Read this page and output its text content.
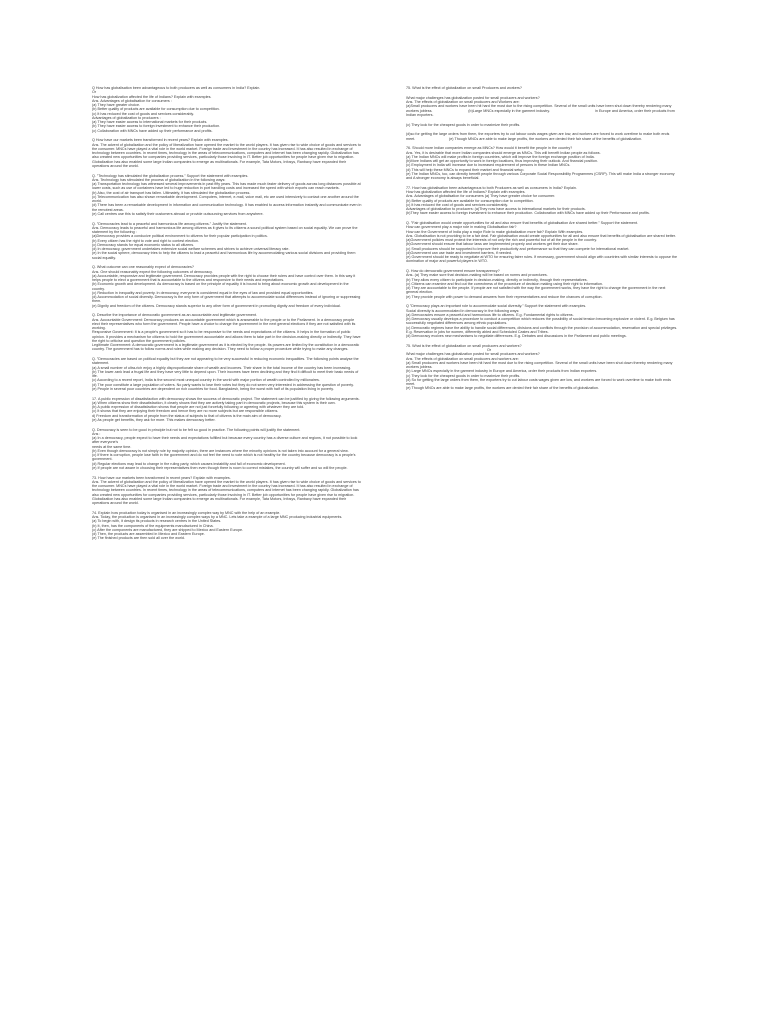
Q How has globalisation been advantageous to both producers as well as consumers in India? Explain.
Or
How has globalization affected the life of Indians? Explain with examples.
Ans. Advantages of globalisation for consumers :
(a) They have greater choice.
(b) Better quality of products are available for consumption due to competition.
(c) It has reduced the cost of goods and services considerably.
Advantages of globalization to producers :
(a) They have easier access to international markets for their products.
(b) They have easier access to foreign investment to enhance their production.
(c) Collaboration with MNCs have added up their performance and profits.
Q How have our markets been transformed in recent years? Explain with examples.
Ans. The advent of globalization and the policy of liberalization have opened the market to the world players. It has given rise to wide choice of goods and services to the consumer. MNCs have played a vital role in the world market. Foreign trade and investment in the country has increased. It has also resulted in exchange of technology between countries. In recent times, technology in the areas of telecommunications, computers and internet has been changing rapidly. Globalization has also created new opportunities for companies providing services, particularly those involving in IT. Better job opportunities for people have given rise to migration. Globalization has also enabled some large Indian companies to emerge as multinationals. For example, Tata Motors, Infosys, Ranbaxy have expanded their operations around the world.
Q. "Technology has stimulated the globalization process." Support the statement with examples.
Ans. Technology has stimulated the process of globalization in the following ways:
(a) Transportation technology has witnessed several improvements in past fifty years. This has made much faster delivery of goods across long distances possible at lower costs, such as use of containers have led to huge reduction in port handling costs and increased the speed with which exports can reach markets.
(b) Also, the cost of air transport has fallen. Ultimately, it has stimulated the globalization process.
(c) Telecommunication has also shown remarkable development. Computers, internet, e-mail, voice mail, etc are used intensively to contact one another around the world.
(d) There has been a remarkable development in information and communication technology. It has enabled to access information instantly and communicate even in the remotest areas.
(e) Call centres use this to satisfy their customers abroad or provide outsourcing services from anywhere.
Q. "Democracies lead to a peaceful and harmonious life among citizens." Justify the statement.
Ans. Democracy leads to peaceful and harmonious life among citizens as it gives to its citizens a sound political system based on social equality. We can prove the statement by the following :
(a)Democracy provides a conducive political environment to citizens for their popular participation in politics.
(b) Every citizen has the right to vote and right to contest election.
(c) Democracy stands for equal economic status to all citizens.
(d) In democracy, government undertakes extensive social welfare schemes and strives to achieve universal literacy rate.
(e) In the social sphere, democracy tries to help the citizens to lead a peaceful and harmonious life by accommodating various social divisions and providing them social equality.
Q. What outcome can one reasonably expect of democracies?
Ans. One should reasonably expect the following outcomes of democracy.
(a) Accountable, responsive and legitimate government. Democracy provides people with the right to choose their rulers and have control over them. In this way it helps people to elect a government that is accountable to the citizens and responsive to their needs and expectations.
(b) Economic growth and development. As democracy is based on the principle of equality it is bound to bring about economic growth and development in the country.
(c) Reduction in inequality and poverty. In democracy, everyone is considered equal in the eyes of law and provided equal opportunities.
(d) Accommodation of social diversity. Democracy is the only form of government that attempts to accommodate social differences instead of ignoring or suppressing them.
(e) Dignity and freedom of the citizens. Democracy stands superior to any other form of government in promoting dignity and freedom of every individual.
Q. Describe the importance of democratic government as an accountable and legitimate government.
Ans. Accountable Government: Democracy produces an accountable government which is answerable to the people or to the Parliament. In a democracy people elect their representatives who form the government. People have a choice to change the government in the next general elections if they are not satisfied with its working.
Responsive Government: It is a people's government so it has to be responsive to the needs and expectations of the citizens. It helps in the formation of public opinion. It provides a mechanism for citizens to hold the government accountable and allows them to take part in the decision-making directly or indirectly. They have the right to criticise and question the government policies.
Legitimate Government: A democratic government is a legitimate government as it is elected by the people. Its powers are limited by the constitution in a democratic country. The government has to follow norms and rules while making any decision. They need to follow a proper procedure while trying to make any changes.
Q. "Democracies are based on political equality but they are not appearing to be very successful in reducing economic inequalities. The following points analyse the statement.
(a) A small number of ultra-rich enjoy a highly disproportionate share of wealth and incomes. Their share in the total income of the country has been increasing.
(b) The lower-rank lead a frugal life and they have very little to depend upon. Their incomes have been declining and they find it difficult to meet their basic needs of life.
(c) According to a recent report, India is the second most unequal country in the world with major portion of wealth controlled by millionaires.
(d) The poor constitute a large population of voters. No party wants to lose their votes but they do not seem very interested in addressing the question of poverty.
(e) People in several poor countries are dependent on rich countries for food. Bangladesh, being the worst with half of its population living in poverty.
17. A public expression of dissatisfaction with democracy shows the success of democratic project. The statement can be justified by giving the following arguments.
(a) When citizens show their dissatisfaction, it clearly shows that they are actively taking part in democratic projects, because this system is their own.
(b) A public expression of dissatisfaction shows that people are not just forcefully following or agreeing with whatever they are told.
(c) It shows that they are enjoying their freedom and hence they are no more subjects but are responsible citizens.
d) Freedom and transformation of people from the status of subjects to that of citizens is the main aim of democracy.
(e) As people get benefits, they ask for more. This makes democracy better.
Q. Democracy is seen to be good in principle but not to be felt so good in practice. The following points will justify the statement.
Ans :
(a) In a democracy, people expect to have their needs and expectations fulfilled but because every country has a diverse culture and regions, it not possible to look after everyone's
needs at the same time.
(b) Even though democracy is not simply rule by majority opinion, there are instances where the minority opinions is not taken into account for a general view.
(c) If there is corruption, people lose faith in the government and do not feel the need to vote which is not healthy for the country because democracy is a people's government.
(d) Regular elections may lead to change in the ruling party, which causes instability and fall of economic development.
(e) If people are not aware in choosing their representatives then even though there is room to correct mistakes, the country will suffer and so will the people.
73. How have our markets been transformed in recent years? Explain with examples.
Ans. The advent of globalization and the policy of liberalization have opened the market to the world players. It has given rise to wide choice of goods and services to the consumer. MNCs have played a vital role in the world market. Foreign trade and investment in the country has increased. It has also resulted in exchange of technology between countries. In recent times, technology in the areas of telecommunications, computers and internet has been changing rapidly. Globalization has also created new opportunities for companies providing services, particularly those involving in IT. Better job opportunities for people have given rise to migration. Globalization has also enabled some large Indian companies to emerge as multinationals. For example, Tata Motors, Infosys, Ranbaxy have expanded their operations around the world.
74. Explain how production today is organised in an increasingly complex way by MNC with the help of an example.
Ans. Today, the production is organised in an increasingly complex ways by a MNC. Lets take a example of a large MNC producing industrial equipments.
(a) To begin with, it design its products in research centres in the United States.
(b) It, then, has the components of the equipments manufactured in China.
(c) After the components are manufactured, they are shipped to Mexico and Eastern Europe.
(d) Then, the products are assembled in Mexico and Eastern Europe.
(e) The finished products are then sold all over the world.
75. What is the effect of globalization on small Producers and workers?
What major challenges has globalization posted for small producers and workers?
Ans. The effects of globalization on small producers and Workers are:
(a)Small producers and workers have been hit hard the most due to the rising competition. Several of the small units have been shut down thereby rendering many workers jobless.                                   (b)Large MNCs especially in the garment industry.                                            in Europe and America, order their products from Indian exporters.
(c) They look for the cheapest goods in order to maximize their profits.
(d)so for getting the large orders from them, the exporters try to cut labour costs wages given are low, and workers are forced to work overtime to make both ends meet.                                 (e) Though MNCs are able to make large profits, the workers are denied their fair share of the benefits of globalization.
76. Should more Indian companies emerge as MNCs? How would it benefit the people in the country?
Ans. Yes, it is desirable that more Indian companies should emerge as MNCs. This will benefit Indian people as follows.
(a) The Indian MNCs will make profits in foreign countries, which will improve the foreign exchange position of India.
(b)More Indians will get an opportunity to work in foreign locations, thus improving their outlook. And financial position.
(c) Employment in India will increase due to increased requirement of persons in these Indian MNCs.
(d) This will help these MNCs to expand their market and financial setup.
(e) The Indian MNCs, too, can directly benefit people through various Corporate Social Responsibility Programmes (CSRP). This will make India a stronger economy and A stronger economy is always beneficial.
77. How has globalisation been advantageous to both Producers as well as consumers in India? Explain.
How has globalization affected the life of Indians? Explain with examples.
Ans. Advantages of globalisation for consumers (a) They have greater choice for consumer.
(b) Better quality of products are available for consumption due to competition.
(c) It has reduced the cost of goods and services considerably.
Advantages of globalization to producers: (a)They now have access to international markets for their products.
(b)They have easier access to foreign investment to enhance their production. Collaboration with MNCs have added up their Performance and profits.
Q. "Fair globalisation would create opportunities for all and also ensure that benefits of globalisation Are shared better." Support the statement.
How can government play a major role in making Globalisation fair?
How can the Government of India play a major Role to make globalization more fair? Explain With examples.
Ans. Globalisation is not providing to be a fair deal. Fair globalisation would create opportunities for all and also ensure that benefits of globalisation are shared better.
(a)Government policies must protect the interests of not only the rich and powerful but of all the people in the country.
(b)Government should ensure that labour laws are implemented properly and workers get their due share.
(c) Small producers should be supported to improve their productivity and performance so that they can compete for international market.
(d)Government can use trade and investment barriers, if needed.
(e) Government should be ready to negotiate at WTO for ensuring fairer rules. If necessary, government should align with countries with similar interests to oppose the domination of major and powerful players in WTO.
Q. How do democratic government ensure transparency?
Ans- (a) They make sure that decision-making will be based on norms and procedures.
(b) They allow every citizen to participate in decision-making, directly or indirectly, through their representatives.
(c) Citizens can examine and find out the correctness of the procedure of decision making using their right to information.
(d) They are accountable to the people. If people are not satisfied with the way the government works, they have the right to change the government in the next general election.
(e) They provide people with power to demand answers from their representatives and reduce the chances of corruption.
Q "Democracy plays an important role to accommodate social diversity." Support the statement with examples.
Social diversity is accommodated in democracy in the following ways:
(a) Democracies ensure a peaceful and harmonious life to citizens. E.g. Fundamental rights to citizens.
(b) Democracy usually develops a procedure to conduct a competition which reduces the possibility of social tension becoming explosive or violent. E.g. Belgium has successfully negotiated differences among ethnic populations.
(c) Democratic regimes have the ability to handle social differences, divisions and conflicts through the provision of accommodation, reservation and special privileges. E.g. Reservation in jobs for women, differently abled and Scheduled Castes and Tribes.
(d) Democracy evolves new mechanisms to negotiate differences. E.g. Debates and discussions in the Parliament and public meetings.
75. What is the effect of globalization on small producers and workers?
Or
What major challenges has globalization posted for small producers and workers?
Ans. The effects of globalization on small producers and workers are:
(a) Small producers and workers have been hit hard the most due to the rising competition. Several of the small units have been shut down thereby rendering many workers jobless.
(b) Large MNCs especially in the garment industry in Europe and America, order their products from Indian exporters.
(c) They look for the cheapest goods in order to maximize their profits.
(d) So for getting the large orders from them, the exporters try to cut labour costs wages given are low, and workers are forced to work overtime to make both ends meet.
(e) Though MNCs are able to make large profits, the workers are denied their fair share of the benefits of globalization.
